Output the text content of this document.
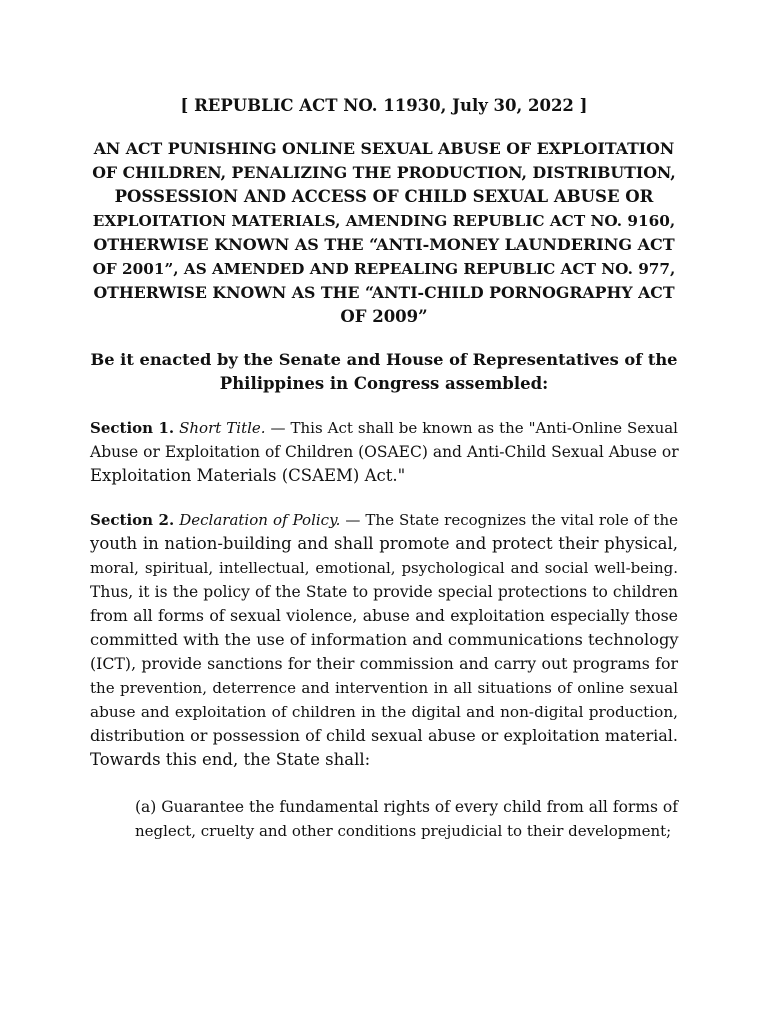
[ REPUBLIC ACT NO. 11930, July 30, 2022 ]
AN ACT PUNISHING ONLINE SEXUAL ABUSE OF EXPLOITATION
OF CHILDREN, PENALIZING THE PRODUCTION, DISTRIBUTION,
POSSESSION AND ACCESS OF CHILD SEXUAL ABUSE OR
EXPLOITATION MATERIALS, AMENDING REPUBLIC ACT NO. 9160,
OTHERWISE KNOWN AS THE “ANTI-MONEY LAUNDERING ACT
OF 2001”, AS AMENDED AND REPEALING REPUBLIC ACT NO. 977,
OTHERWISE KNOWN AS THE “ANTI-CHILD PORNOGRAPHY ACT
OF 2009”
Be it enacted by the Senate and House of Representatives of the
Philippines in Congress assembled:
Section 1. Short Title. — This Act shall be known as the "Anti-Online Sexual
Abuse or Exploitation of Children (OSAEC) and Anti-Child Sexual Abuse or
Exploitation Materials (CSAEM) Act."
Section 2. Declaration of Policy. — The State recognizes the vital role of the
youth in nation-building and shall promote and protect their physical,
moral, spiritual, intellectual, emotional, psychological and social well-being.
Thus, it is the policy of the State to provide special protections to children
from all forms of sexual violence, abuse and exploitation especially those
committed with the use of information and communications technology
(ICT), provide sanctions for their commission and carry out programs for
the prevention, deterrence and intervention in all situations of online sexual
abuse and exploitation of children in the digital and non-digital production,
distribution or possession of child sexual abuse or exploitation material.
Towards this end, the State shall:
(a) Guarantee the fundamental rights of every child from all forms of
neglect, cruelty and other conditions prejudicial to their development;
